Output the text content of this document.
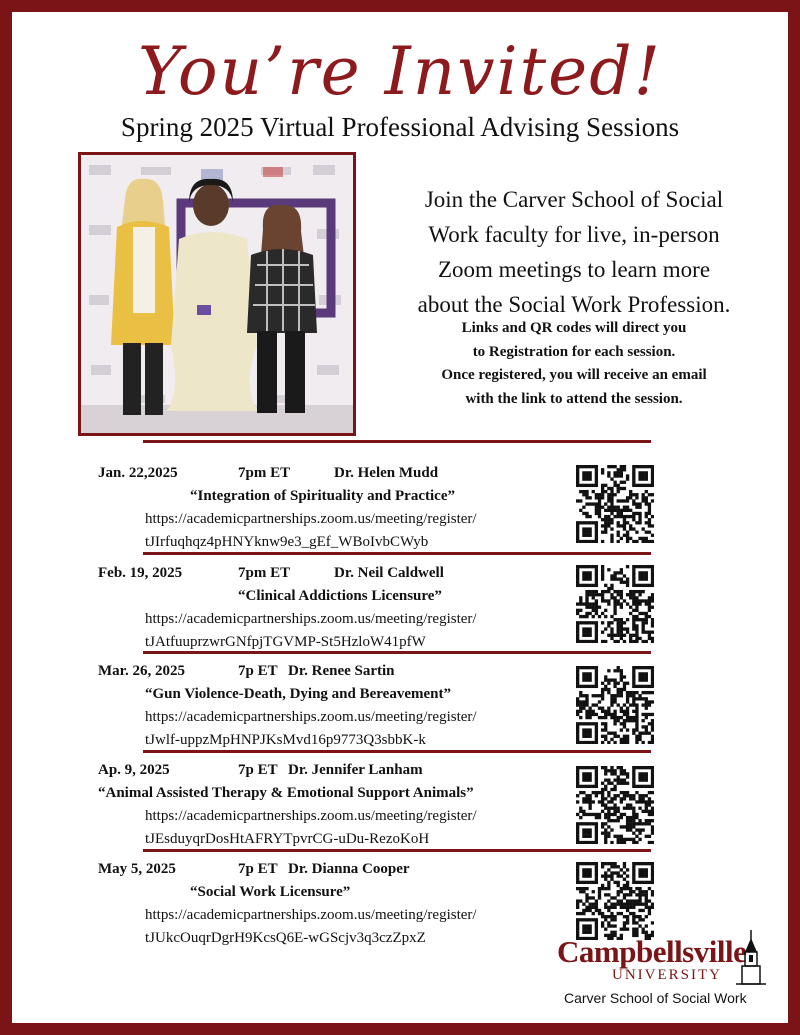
You’re Invited!
Spring 2025 Virtual Professional Advising Sessions
Join the Carver School of Social
Work faculty for live, in-person
Zoom meetings to learn more
about the Social Work Profession.
Links and QR codes will direct you
to Registration for each session.
Once registered, you will receive an email
with the link to attend the session.
Jan. 22,2025	7pm ET	Dr. Helen Mudd
“Integration of Spirituality and Practice”
https://academicpartnerships.zoom.us/meeting/register/
tJIrfuqhqz4pHNYknw9e3_gEf_WBoIvbCWyb
Feb. 19, 2025	7pm ET	Dr. Neil Caldwell
“Clinical Addictions Licensure”
https://academicpartnerships.zoom.us/meeting/register/
tJAtfuuprzwrGNfpjTGVMP-St5HzloW41pfW
Mar. 26, 2025	7p ET Dr. Renee Sartin
“Gun Violence-Death, Dying and Bereavement”
https://academicpartnerships.zoom.us/meeting/register/
tJwlf-uppzMpHNPJKsMvd16p9773Q3sbbK-k
Ap. 9, 2025	7p ET Dr. Jennifer Lanham
“Animal Assisted Therapy & Emotional Support Animals”
https://academicpartnerships.zoom.us/meeting/register/
tJEsduyqrDosHtAFRYTpvrCG-uDu-RezoKoH
May 5, 2025	7p ET Dr. Dianna Cooper
“Social Work Licensure”
https://academicpartnerships.zoom.us/meeting/register/
tJUkcOuqrDgrH9KcsQ6E-wGScjv3q3czZpxZ	Campbellsville
UNIVERSITY
Carver School of Social Work
